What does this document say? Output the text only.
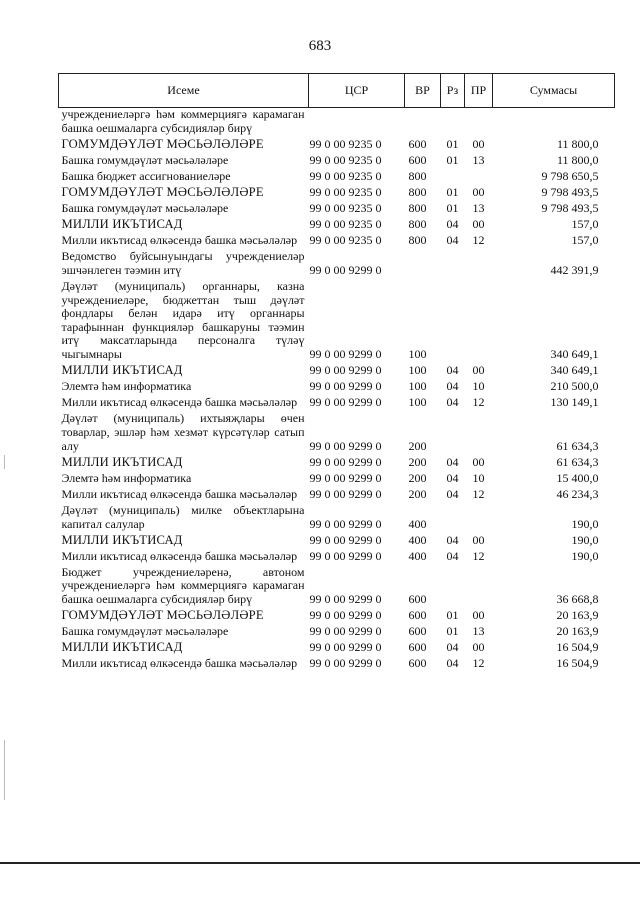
683
Исеме	ЦСР	ВР	Рз	ПР	Суммасы
учреждениеләргә һәм коммерциягә карамаган башка оешмаларга субсидияләр бирү					
ГОМУМДӘҮЛӘТ МӘСЬӘЛӘЛӘРЕ	99 0 00 9235 0	600	01	00	11 800,0
Башка гомумдәүләт мәсьәләләре	99 0 00 9235 0	600	01	13	11 800,0
Башка бюджет ассигнованиеләре	99 0 00 9235 0	800			9 798 650,5
ГОМУМДӘҮЛӘТ МӘСЬӘЛӘЛӘРЕ	99 0 00 9235 0	800	01	00	9 798 493,5
Башка гомумдәүләт мәсьәләләре	99 0 00 9235 0	800	01	13	9 798 493,5
МИЛЛИ ИКЪТИСАД	99 0 00 9235 0	800	04	00	157,0
Милли икътисад өлкәсендә башка мәсьәләләр	99 0 00 9235 0	800	04	12	157,0
Ведомство буйсынуындагы учреждениеләр эшчәнлеген тәэмин итү	99 0 00 9299 0				442 391,9
Дәүләт (муниципаль) органнары, казна учреждениеләре, бюджеттан тыш дәүләт фондлары белән идарә итү органнары тарафыннан функцияләр башкаруны тәэмин итү максатларында персоналга түләү чыгымнары	99 0 00 9299 0	100			340 649,1
МИЛЛИ ИКЪТИСАД	99 0 00 9299 0	100	04	00	340 649,1
Элемтә һәм информатика	99 0 00 9299 0	100	04	10	210 500,0
Милли икътисад өлкәсендә башка мәсьәләләр	99 0 00 9299 0	100	04	12	130 149,1
Дәүләт (муниципаль) ихтыяҗлары өчен товарлар, эшләр һәм хезмәт күрсәтүләр сатып алу	99 0 00 9299 0	200			61 634,3
МИЛЛИ ИКЪТИСАД	99 0 00 9299 0	200	04	00	61 634,3
Элемтә һәм информатика	99 0 00 9299 0	200	04	10	15 400,0
Милли икътисад өлкәсендә башка мәсьәләләр	99 0 00 9299 0	200	04	12	46 234,3
Дәүләт (муниципаль) милке объектларына капитал салулар	99 0 00 9299 0	400			190,0
МИЛЛИ ИКЪТИСАД	99 0 00 9299 0	400	04	00	190,0
Милли икътисад өлкәсендә башка мәсьәләләр	99 0 00 9299 0	400	04	12	190,0
Бюджет учреждениеләренә, автоном учреждениеләргә һәм коммерциягә карамаган башка оешмаларга субсидияләр бирү	99 0 00 9299 0	600			36 668,8
ГОМУМДӘҮЛӘТ МӘСЬӘЛӘЛӘРЕ	99 0 00 9299 0	600	01	00	20 163,9
Башка гомумдәүләт мәсьәләләре	99 0 00 9299 0	600	01	13	20 163,9
МИЛЛИ ИКЪТИСАД	99 0 00 9299 0	600	04	00	16 504,9
Милли икътисад өлкәсендә башка мәсьәләләр	99 0 00 9299 0	600	04	12	16 504,9
